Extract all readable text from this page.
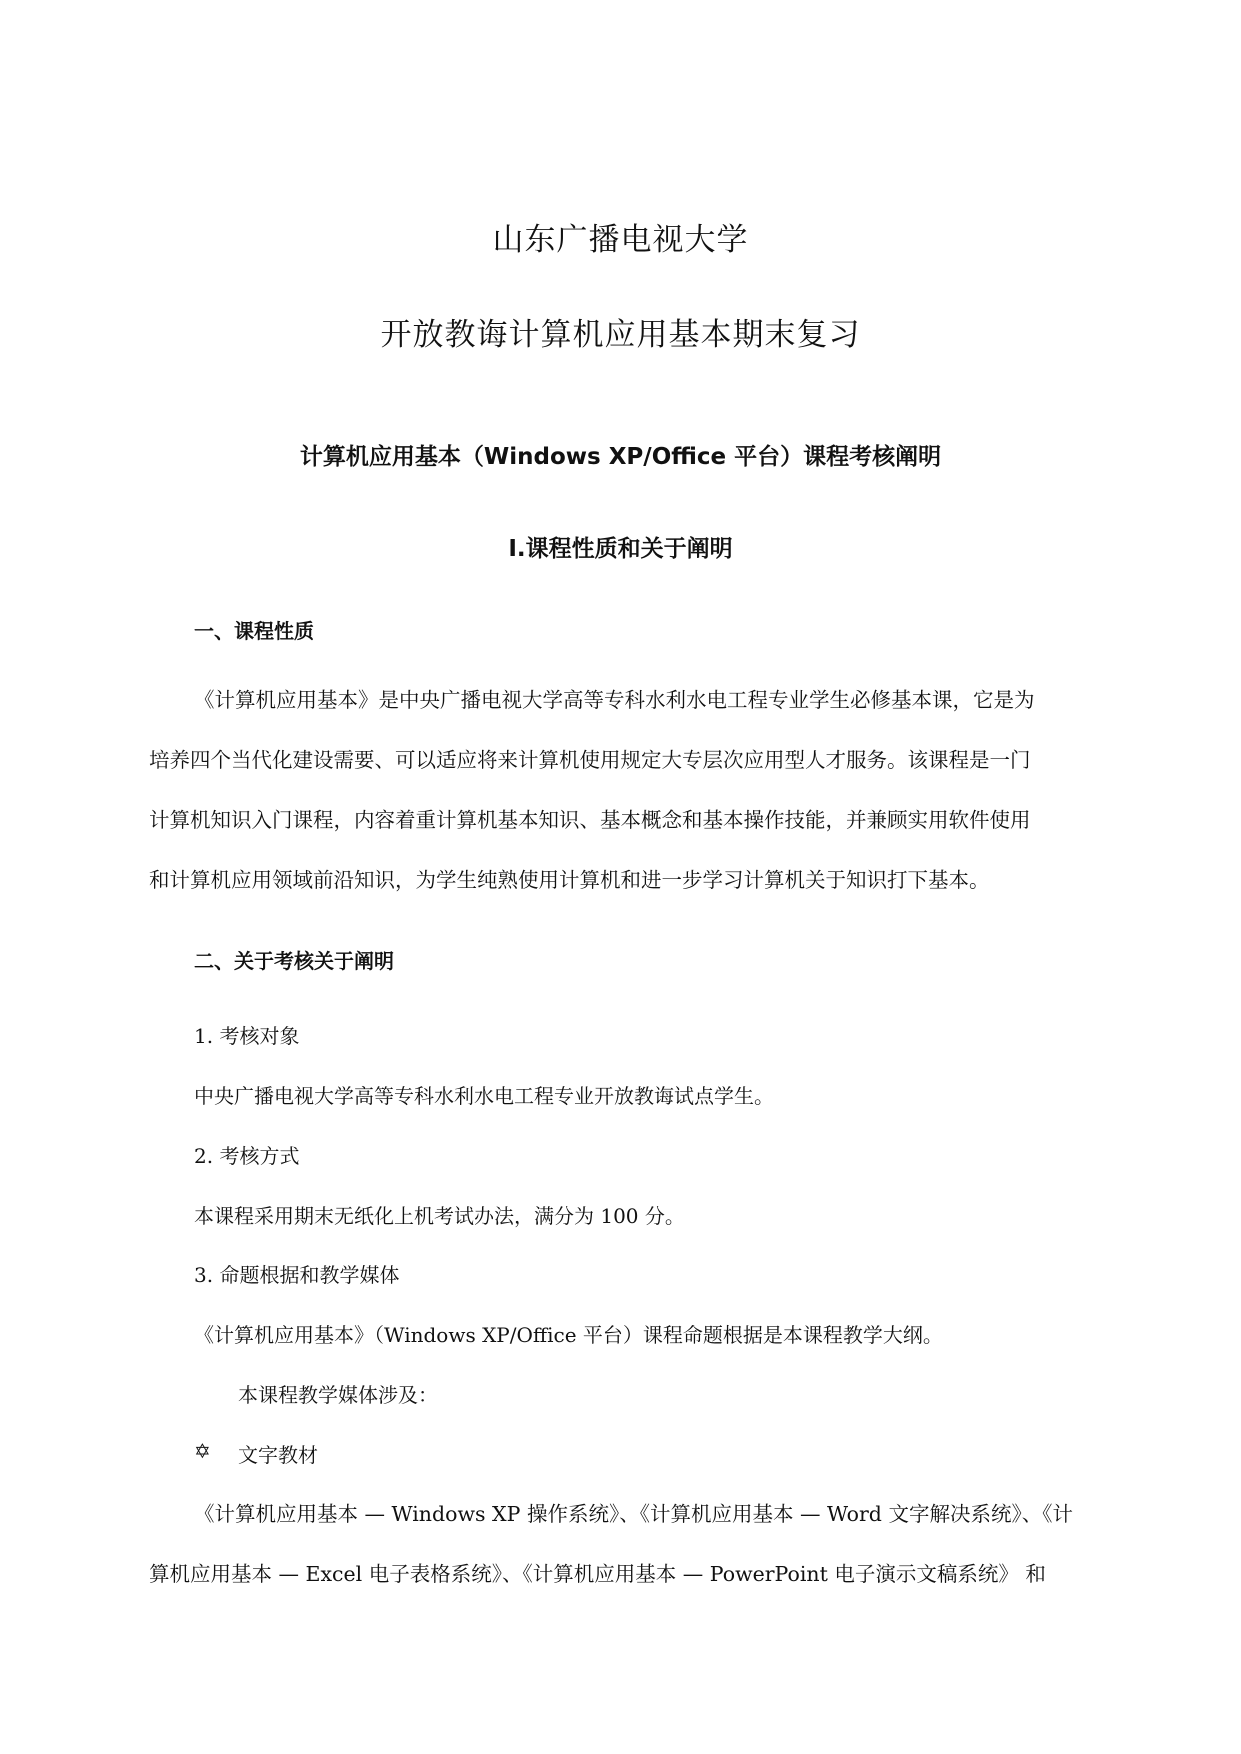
山东广播电视大学
开放教诲计算机应用基本期末复习
计算机应用基本（Windows XP/Office 平台）课程考核阐明
Ⅰ.课程性质和关于阐明
一、课程性质
《计算机应用基本》是中央广播电视大学高等专科水利水电工程专业学生必修基本课，它是为
培养四个当代化建设需要、可以适应将来计算机使用规定大专层次应用型人才服务。该课程是一门
计算机知识入门课程，内容着重计算机基本知识、基本概念和基本操作技能，并兼顾实用软件使用
和计算机应用领域前沿知识，为学生纯熟使用计算机和进一步学习计算机关于知识打下基本。
二、关于考核关于阐明
1. 考核对象
中央广播电视大学高等专科水利水电工程专业开放教诲试点学生。
2. 考核方式
本课程采用期末无纸化上机考试办法，满分为 100 分。
3. 命题根据和教学媒体
《计算机应用基本》（Windows XP/Office 平台）课程命题根据是本课程教学大纲。
本课程教学媒体涉及：
✡ 文字教材
《计算机应用基本 — Windows XP 操作系统》、《计算机应用基本 — Word 文字解决系统》、《计
算机应用基本 — Excel 电子表格系统》、《计算机应用基本 — PowerPoint 电子演示文稿系统》 和
